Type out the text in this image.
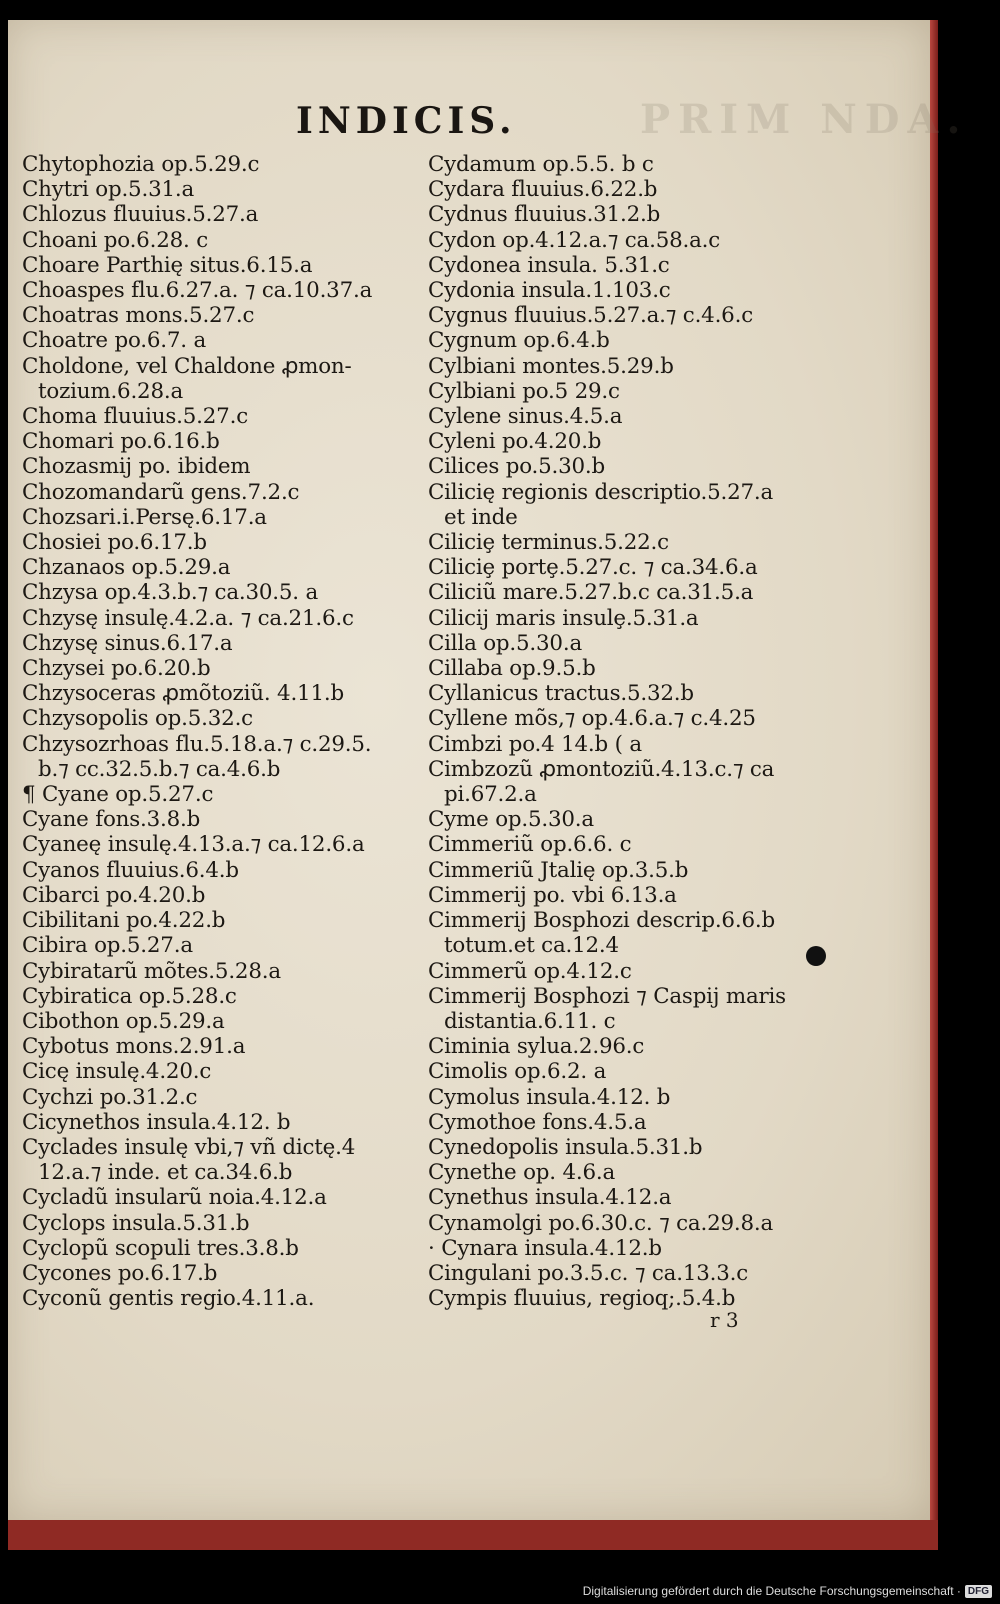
PRIM NDA.
INDICIS.
Chytophozia op.5.29.c
Chytri op.5.31.a
Chlozus fluuius.5.27.a
Choani po.6.28. c
Choare Parthię situs.6.15.a
Choaspes flu.6.27.a. ⁊ ca.10.37.a
Choatras mons.5.27.c
Choatre po.6.7. a
Choldone, vel Chaldone ꝓmon-
tozium.6.28.a
Choma fluuius.5.27.c
Chomari po.6.16.b
Chozasmij po. ibidem
Chozomandarũ gens.7.2.c
Chozsari.i.Persę.6.17.a
Chosiei po.6.17.b
Chzanaos op.5.29.a
Chzysa op.4.3.b.⁊ ca.30.5. a
Chzysę insulę.4.2.a. ⁊ ca.21.6.c
Chzysę sinus.6.17.a
Chzysei po.6.20.b
Chzysoceras ꝓmõtoziũ. 4.11.b
Chzysopolis op.5.32.c
Chzysozrhoas flu.5.18.a.⁊ c.29.5.
b.⁊ cc.32.5.b.⁊ ca.4.6.b
¶ Cyane op.5.27.c
Cyane fons.3.8.b
Cyaneę insulę.4.13.a.⁊ ca.12.6.a
Cyanos fluuius.6.4.b
Cibarci po.4.20.b
Cibilitani po.4.22.b
Cibira op.5.27.a
Cybiratarũ mõtes.5.28.a
Cybiratica op.5.28.c
Cibothon op.5.29.a
Cybotus mons.2.91.a
Cicę insulę.4.20.c
Cychzi po.31.2.c
Cicynethos insula.4.12. b
Cyclades insulę vbi,⁊ vñ dictę.4
12.a.⁊ inde. et ca.34.6.b
Cycladũ insularũ noia.4.12.a
Cyclops insula.5.31.b
Cyclopũ scopuli tres.3.8.b
Cycones po.6.17.b
Cyconũ gentis regio.4.11.a.
Cydamum op.5.5. b c
Cydara fluuius.6.22.b
Cydnus fluuius.31.2.b
Cydon op.4.12.a.⁊ ca.58.a.c
Cydonea insula. 5.31.c
Cydonia insula.1.103.c
Cygnus fluuius.5.27.a.⁊ c.4.6.c
Cygnum op.6.4.b
Cylbiani montes.5.29.b
Cylbiani po.5 29.c
Cylene sinus.4.5.a
Cyleni po.4.20.b
Cilices po.5.30.b
Cilicię regionis descriptio.5.27.a
et inde
Ciliciȩ terminus.5.22.c
Ciliciȩ portȩ.5.27.c. ⁊ ca.34.6.a
Ciliciũ mare.5.27.b.c ca.31.5.a
Cilicij maris insulȩ.5.31.a
Cilla op.5.30.a
Cillaba op.9.5.b
Cyllanicus tractus.5.32.b
Cyllene mõs,⁊ op.4.6.a.⁊ c.4.25
Cimbzi po.4 14.b ( a
Cimbzozũ ꝓmontoziũ.4.13.c.⁊ ca
pi.67.2.a
Cyme op.5.30.a
Cimmeriũ op.6.6. c
Cimmeriũ Jtalię op.3.5.b
Cimmerij po. vbi 6.13.a
Cimmerij Bosphozi descrip.6.6.b
totum.et ca.12.4
Cimmerũ op.4.12.c
Cimmerij Bosphozi ⁊ Caspij maris
distantia.6.11. c
Ciminia sylua.2.96.c
Cimolis op.6.2. a
Cymolus insula.4.12. b
Cymothoe fons.4.5.a
Cynedopolis insula.5.31.b
Cynethe op. 4.6.a
Cynethus insula.4.12.a
Cynamolgi po.6.30.c. ⁊ ca.29.8.a
· Cynara insula.4.12.b
Cingulani po.3.5.c. ⁊ ca.13.3.c
Cympis fluuius, regioq;.5.4.b
r 3
Digitalisierung gefördert durch die Deutsche Forschungsgemeinschaft · DFG
